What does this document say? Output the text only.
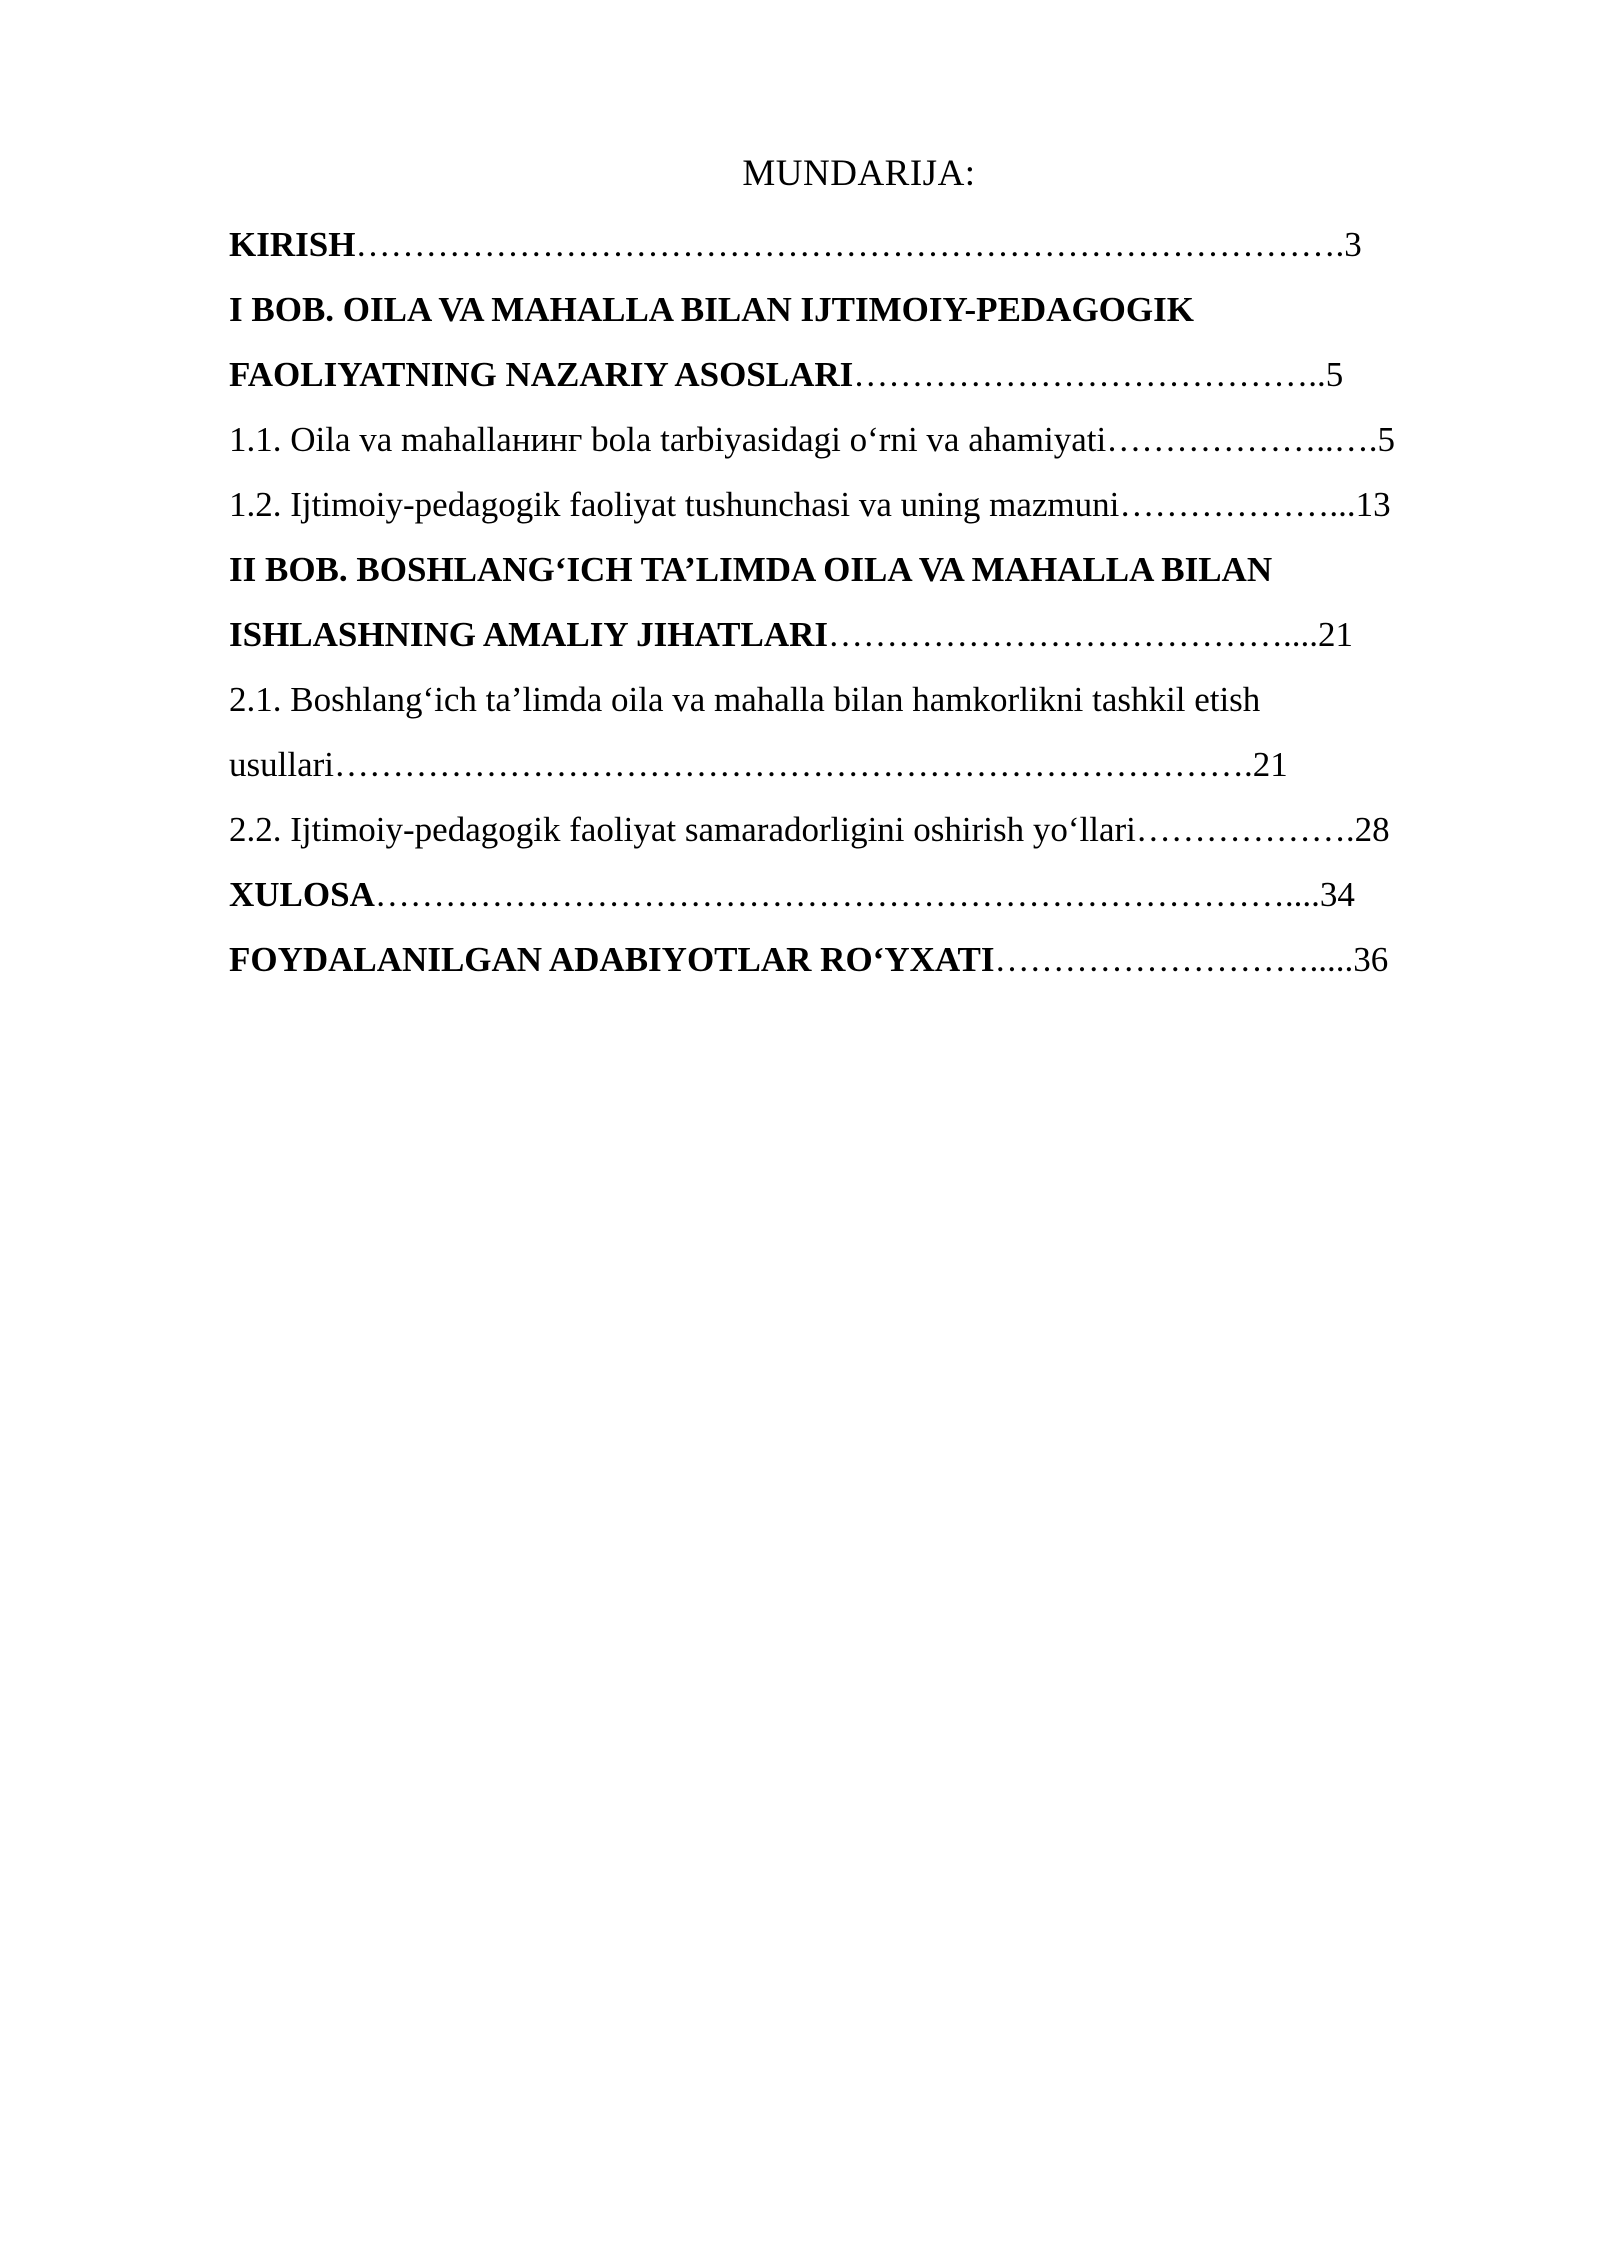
MUNDARIJA:
KIRISH………………………………………………………………………….3
I BOB. OILA VA MAHALLA BILAN IJTIMOIY-PEDAGOGIK
FAOLIYATNING NAZARIY ASOSLARI…………………………………..5
1.1. Oila va mahallaнинг bola tarbiyasidagi o‘rni va ahamiyati………………..….5
1.2. Ijtimoiy-pedagogik faoliyat tushunchasi va uning mazmuni………………...13
II BOB. BOSHLANG‘ICH TA’LIMDA OILA VA MAHALLA BILAN
ISHLASHNING AMALIY JIHATLARI…………………………………....21
2.1. Boshlang‘ich ta’limda oila va mahalla bilan hamkorlikni tashkil etish
usullari…………………………………………………………………….21
2.2. Ijtimoiy-pedagogik faoliyat samaradorligini oshirish yo‘llari……………….28
XULOSA……………………………………………………………………....34
FOYDALANILGAN ADABIYOTLAR RO‘YXATI……………………….....36
